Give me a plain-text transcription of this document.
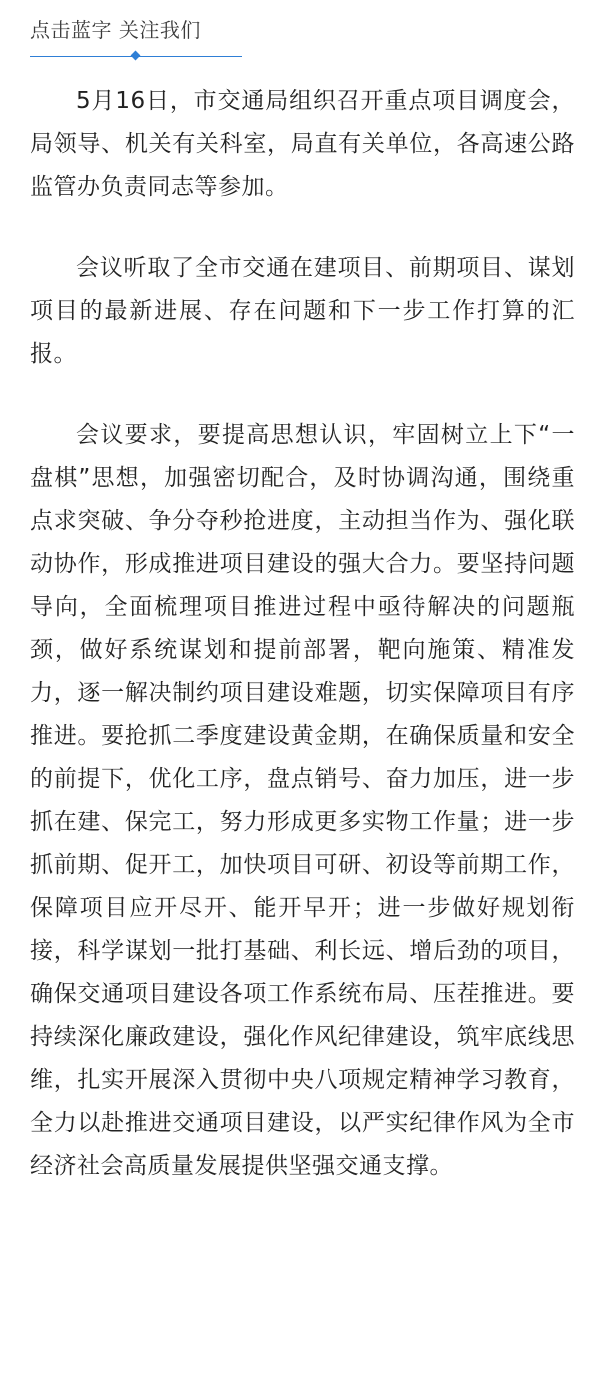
点击蓝字 关注我们

5月16日，市交通局组织召开重点项目调度会，局领导、机关有关科室，局直有关单位，各高速公路监管办负责同志等参加。

会议听取了全市交通在建项目、前期项目、谋划项目的最新进展、存在问题和下一步工作打算的汇报。

会议要求，要提高思想认识，牢固树立上下“一盘棋”思想，加强密切配合，及时协调沟通，围绕重点求突破、争分夺秒抢进度，主动担当作为、强化联动协作，形成推进项目建设的强大合力。要坚持问题导向，全面梳理项目推进过程中亟待解决的问题瓶颈，做好系统谋划和提前部署，靶向施策、精准发力，逐一解决制约项目建设难题，切实保障项目有序推进。要抢抓二季度建设黄金期，在确保质量和安全的前提下，优化工序，盘点销号、奋力加压，进一步抓在建、保完工，努力形成更多实物工作量；进一步抓前期、促开工，加快项目可研、初设等前期工作，保障项目应开尽开、能开早开；进一步做好规划衔接，科学谋划一批打基础、利长远、增后劲的项目，确保交通项目建设各项工作系统布局、压茬推进。要持续深化廉政建设，强化作风纪律建设，筑牢底线思维，扎实开展深入贯彻中央八项规定精神学习教育，全力以赴推进交通项目建设，以严实纪律作风为全市经济社会高质量发展提供坚强交通支撑。
